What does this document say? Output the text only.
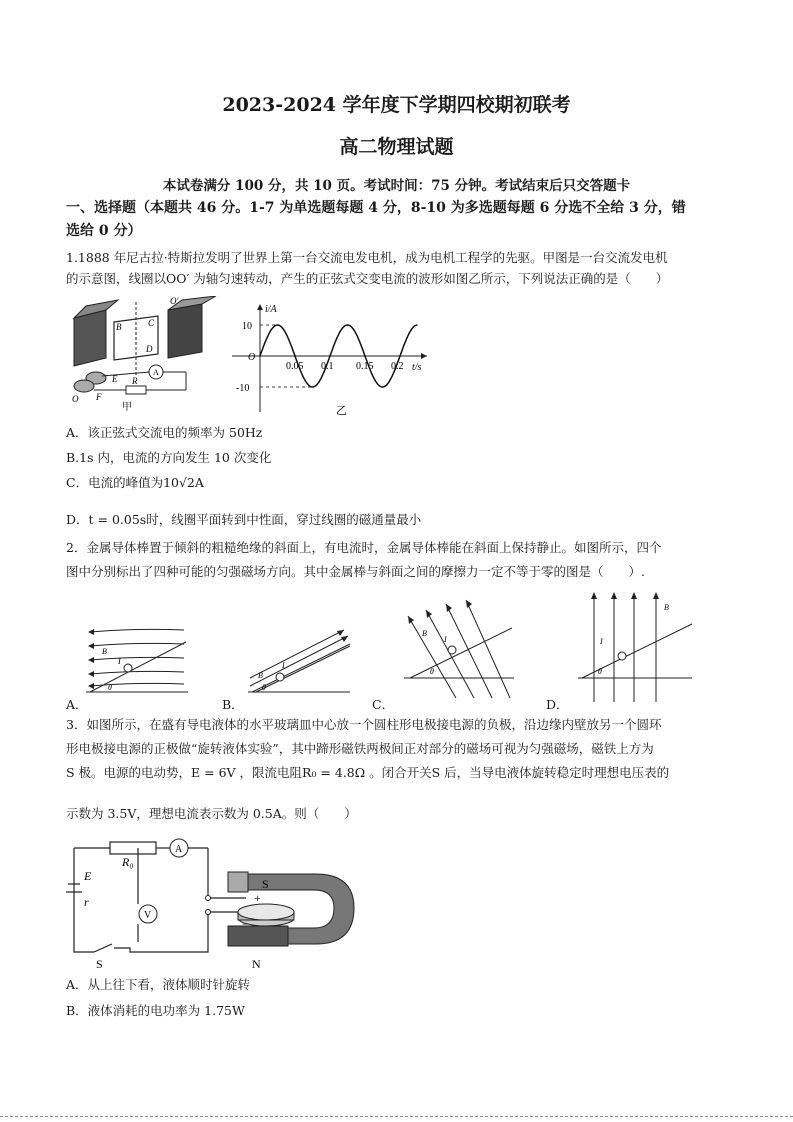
2023-2024 学年度下学期四校期初联考
高二物理试题
本试卷满分 100 分，共 10 页。考试时间：75 分钟。考试结束后只交答题卡
一、选择题（本题共 46 分。1-7 为单选题每题 4 分，8-10 为多选题每题 6 分选不全给 3 分，错
选给 0 分）
1.1888 年尼古拉·特斯拉发明了世界上第一台交流电发电机，成为电机工程学的先驱。甲图是一台交流发电机
的示意图，线圈以OO′ 为轴匀速转动，产生的正弦式交变电流的波形如图乙所示，下列说法正确的是（　　）
O′
B	C
D
E
F
R
A
O
甲
i/A
t/s
10
-10
O
0.05 0.1 0.15 0.2
乙
A．该正弦式交流电的频率为 50Hz
B.1s 内，电流的方向发生 10 次变化
C．电流的峰值为10√2A
D．t = 0.05s时，线圈平面转到中性面，穿过线圈的磁通量最小
2．金属导体棒置于倾斜的粗糙绝缘的斜面上，有电流时，金属导体棒能在斜面上保持静止。如图所示，四个
图中分别标出了四种可能的匀强磁场方向。其中金属棒与斜面之间的摩擦力一定不等于零的图是（　　）.
B
I
θ
A．
B
I
θ
B．
B
I
θ
C．
B
I
θ
D．
3．如图所示，在盛有导电液体的水平玻璃皿中心放一个圆柱形电极接电源的负极，沿边缘内壁放另一个圆环
形电极接电源的正极做“旋转液体实验”，其中蹄形磁铁两极间正对部分的磁场可视为匀强磁场，磁铁上方为
S 极。电源的电动势，E = 6V ，限流电阻R₀ = 4.8Ω 。闭合开关S 后，当导电液体旋转稳定时理想电压表的
示数为 3.5V，理想电流表示数为 0.5A。则（　　）
E
r
R₀
A
V
S
+
S
N
−
A．从上往下看，液体顺时针旋转
B．液体消耗的电功率为 1.75W
